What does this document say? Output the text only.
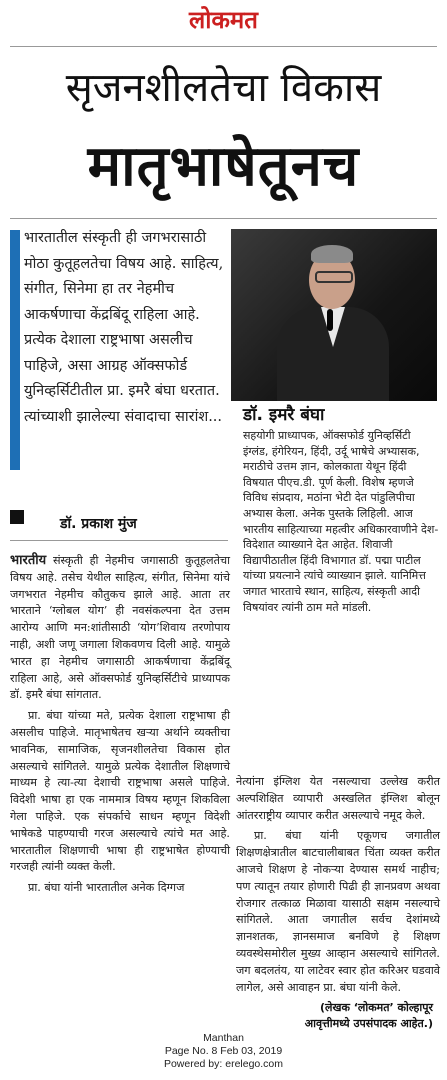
लोकमत
सृजनशीलतेचा विकास
मातृभाषेतूनच
भारतातील संस्कृती ही जगभरासाठी मोठा कुतूहलतेचा विषय आहे. साहित्य, संगीत, सिनेमा हा तर नेहमीच आकर्षणाचा केंद्रबिंदू राहिला आहे. प्रत्येक देशाला राष्ट्रभाषा असलीच पाहिजे, असा आग्रह ऑक्सफोर्ड युनिव्हर्सिटीतील प्रा. इमरै बंघा धरतात. त्यांच्याशी झालेल्या संवादाचा सारांश... डॉ. इमरै बंघा
सहयोगी प्राध्यापक, ऑक्सफोर्ड युनिव्हर्सिटी इंग्लंड, हंगेरियन, हिंदी, उर्दू भाषेचे अभ्यासक, मराठीचे उत्तम ज्ञान, कोलकाता येथून हिंदी विषयात पीएच.डी. पूर्ण केली. विशेष म्हणजे विविध संप्रदाय, मठांना भेटी देत पांडुलिपीचा अभ्यास केला. अनेक पुस्तके लिहिली. आज भारतीय साहित्याच्या महत्वीर अधिकारवाणीने देश-विदेशात व्याख्याने देत आहेत. शिवाजी विद्यापीठातील हिंदी विभागात डॉ. पद्मा पाटील यांच्या प्रयत्नाने त्यांचे व्याख्यान झाले. यानिमित्त जगात भारताचे स्थान, साहित्य, संस्कृती आदी विषयांवर त्यांनी ठाम मते मांडली.
डॉ. प्रकाश मुंज

भारतीय संस्कृती ही नेहमीच जगासाठी कुतूहलतेचा विषय आहे. तसेच येथील साहित्य, संगीत, सिनेमा यांचे जगभरात नेहमीच कौतुकच झाले आहे. आता तर भारताने ‘ग्लोबल योग’ ही नवसंकल्पना देत उत्तम आरोग्य आणि मन:शांतीसाठी ‘योग’शिवाय तरणोपाय नाही, अशी जणू जगाला शिकवणच दिली आहे. यामुळे भारत हा नेहमीच जगासाठी आकर्षणाचा केंद्रबिंदू राहिला आहे, असे ऑक्सफोर्ड युनिव्हर्सिटीचे प्राध्यापक डॉ. इमरै बंघा सांगतात.

प्रा. बंघा यांच्या मते, प्रत्येक देशाला राष्ट्रभाषा ही असलीच पाहिजे. मातृभाषेतच खऱ्या अर्थाने व्यक्तीचा भावनिक, सामाजिक, सृजनशीलतेचा विकास होत असल्याचे सांगितले. यामुळे प्रत्येक देशातील शिक्षणाचे माध्यम हे त्या-त्या देशाची राष्ट्रभाषा असले पाहिजे. विदेशी भाषा हा एक नाममात्र विषय म्हणून शिकविला गेला पाहिजे. एक संपर्काचे साधन म्हणून विदेशी भाषेकडे पाहण्याची गरज असल्याचे त्यांचे मत आहे. भारतातील शिक्षणाची भाषा ही राष्ट्रभाषेत होण्याची गरजही त्यांनी व्यक्त केली.

प्रा. बंघा यांनी भारतातील अनेक दिग्गज

नेत्यांना इंग्लिश येत नसल्याचा उल्लेख करीत अल्पशिक्षित व्यापारी अस्खलित इंग्लिश बोलून आंतरराष्ट्रीय व्यापार करीत असल्याचे नमूद केले.

प्रा. बंघा यांनी एकूणच जगातील शिक्षणक्षेत्रातील बाटचालीबाबत चिंता व्यक्त करीत आजचे शिक्षण हे नोकऱ्या देण्यास समर्थ नाहीच; पण त्यातून तयार होणारी पिढी ही ज्ञानप्रवण अथवा रोजगार तत्काळ मिळावा यासाठी सक्षम नसल्याचे सांगितले. आता जगातील सर्वच देशांमध्ये ज्ञानशतक, ज्ञानसमाज बनविणे हे शिक्षण व्यवस्थेसमोरील मुख्य आव्हान असल्याचे सांगितले. जग बदलतंय, या लाटेवर स्वार होत करिअर घडवावे लागेल, असे आवाहन प्रा. बंघा यांनी केले.

(लेखक ‘लोकमत’ कोल्हापूर
आवृत्तीमध्ये उपसंपादक आहेत.)
Manthan
Page No. 8 Feb 03, 2019
Powered by: erelego.com
